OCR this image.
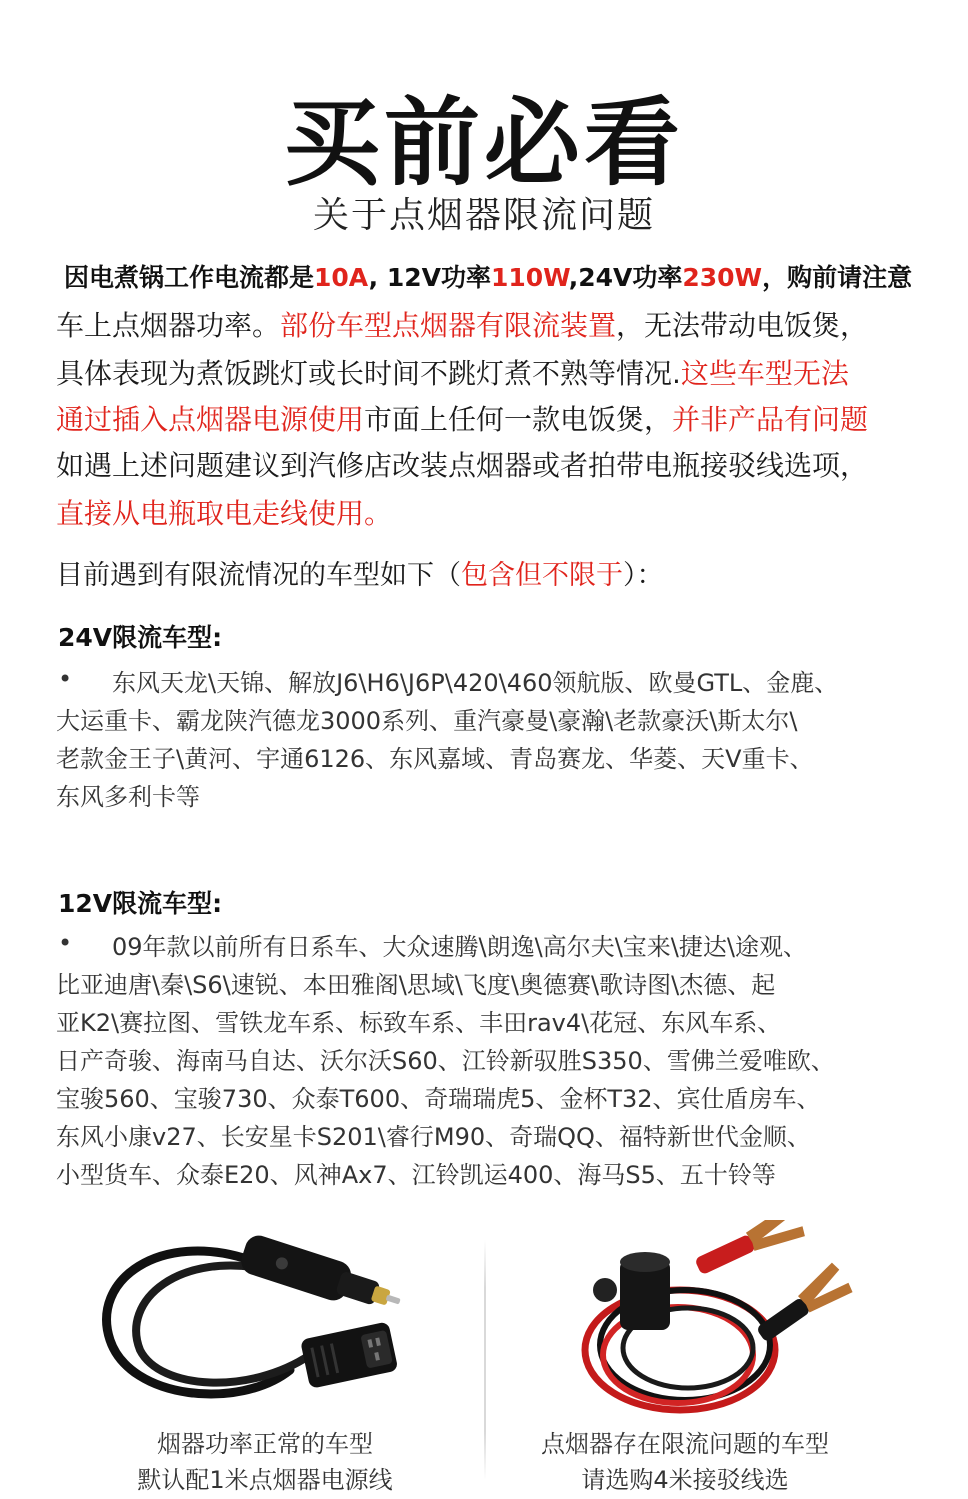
买前必看
关于点烟器限流问题
因电煮锅工作电流都是10A, 12V功率110W,24V功率230W，购前请注意
车上点烟器功率。部份车型点烟器有限流装置，无法带动电饭煲，
具体表现为煮饭跳灯或长时间不跳灯煮不熟等情况.这些车型无法
通过插入点烟器电源使用市面上任何一款电饭煲，并非产品有问题
如遇上述问题建议到汽修店改装点烟器或者拍带电瓶接驳线选项，
直接从电瓶取电走线使用。
目前遇到有限流情况的车型如下（包含但不限于）：
24V限流车型:
• 东风天龙\天锦、解放J6\H6\J6P\420\460领航版、欧曼GTL、金鹿、
大运重卡、霸龙陕汽德龙3000系列、重汽豪曼\豪瀚\老款豪沃\斯太尔\
老款金王子\黄河、宇通6126、东风嘉域、青岛赛龙、华菱、天V重卡、
东风多利卡等
12V限流车型:
• 09年款以前所有日系车、大众速腾\朗逸\高尔夫\宝来\捷达\途观、
比亚迪唐\秦\S6\速锐、本田雅阁\思域\飞度\奥德赛\歌诗图\杰德、起
亚K2\赛拉图、雪铁龙车系、标致车系、丰田rav4\花冠、东风车系、
日产奇骏、海南马自达、沃尔沃S60、江铃新驭胜S350、雪佛兰爱唯欧、
宝骏560、宝骏730、众泰T600、奇瑞瑞虎5、金杯T32、宾仕盾房车、
东风小康v27、长安星卡S201\睿行M90、奇瑞QQ、福特新世代金顺、
小型货车、众泰E20、风神Ax7、江铃凯运400、海马S5、五十铃等
烟器功率正常的车型
默认配1米点烟器电源线
点烟器存在限流问题的车型
请选购4米接驳线选
